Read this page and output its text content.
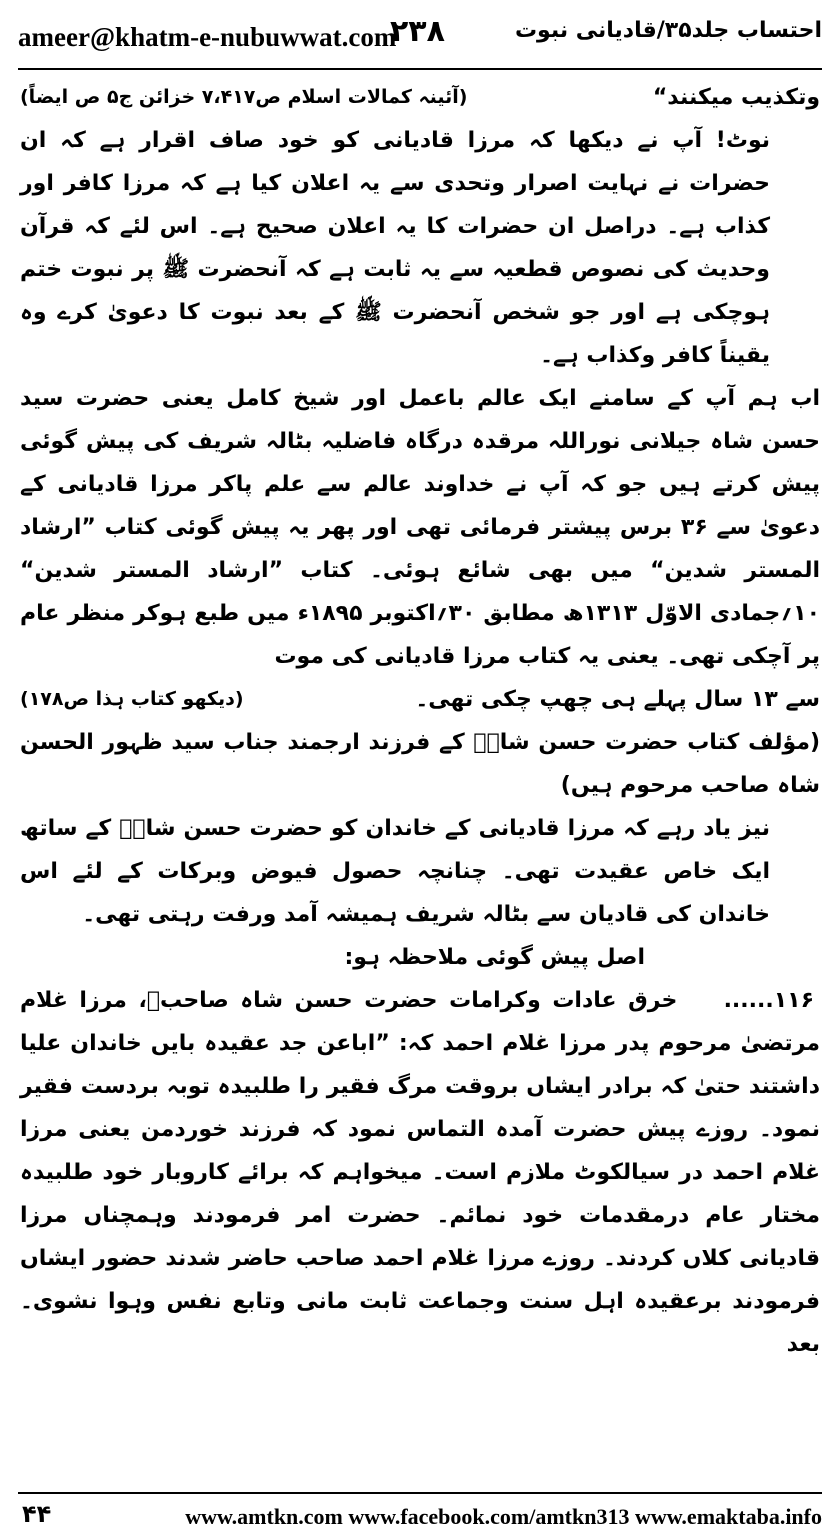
ameer@khatm-e-nubuwwat.com
۲۳۸	احتساب جلد۳۵/قادیانی نبوت
وتکذیب میکنند“
(آئینہ کمالات اسلام ص۷،۴۱۷ خزائن ج۵ ص ایضاً)

نوٹ! آپ نے دیکھا کہ مرزا قادیانی کو خود صاف اقرار ہے کہ ان حضرات نے نہایت اصرار وتحدی سے یہ اعلان کیا ہے کہ مرزا کافر اور کذاب ہے۔ دراصل ان حضرات کا یہ اعلان صحیح ہے۔ اس لئے کہ قرآن وحدیث کی نصوص قطعیہ سے یہ ثابت ہے کہ آنحضرت ﷺ پر نبوت ختم ہوچکی ہے اور جو شخص آنحضرت ﷺ کے بعد نبوت کا دعویٰ کرے وہ یقیناً کافر وکذاب ہے۔

اب ہم آپ کے سامنے ایک عالم باعمل اور شیخ کامل یعنی حضرت سید حسن شاہ جیلانی نوراللہ مرقدہ درگاہ فاضلیہ بٹالہ شریف کی پیش گوئی پیش کرتے ہیں جو کہ آپ نے خداوند عالم سے علم پاکر مرزا قادیانی کے دعویٰ سے ۳۶ برس پیشتر فرمائی تھی اور پھر یہ پیش گوئی کتاب ”ارشاد المستر شدین“ میں بھی شائع ہوئی۔ کتاب ”ارشاد المستر شدین“ ۱۰؍جمادی الاوّل ۱۳۱۳ھ مطابق ۳۰؍اکتوبر ۱۸۹۵ء میں طبع ہوکر منظر عام پر آچکی تھی۔ یعنی یہ کتاب مرزا قادیانی کی موت

سے ۱۳ سال پہلے ہی چھپ چکی تھی۔
(دیکھو کتاب ہذا ص۱۷۸)

(مؤلف کتاب حضرت حسن شاہؒ کے فرزند ارجمند جناب سید ظہور الحسن شاہ صاحب مرحوم ہیں)

نیز یاد رہے کہ مرزا قادیانی کے خاندان کو حضرت حسن شاہؒ کے ساتھ ایک خاص عقیدت تھی۔ چنانچہ حصول فیوض وبرکات کے لئے اس خاندان کی قادیان سے بٹالہ شریف ہمیشہ آمد ورفت رہتی تھی۔

اصل پیش گوئی ملاحظہ ہو:

۱۱۶......    خرق عادات وکرامات حضرت حسن شاہ صاحبؒ، مرزا غلام مرتضیٰ مرحوم پدر مرزا غلام احمد کہ: ”اباعن جد عقیدہ بایں خاندان علیا داشتند حتیٰ کہ برادر ایشاں بروقت مرگ فقیر را طلبیدہ توبہ بردست فقیر نمود۔ روزے پیش حضرت آمدہ التماس نمود کہ فرزند خوردمن یعنی مرزا غلام احمد در سیالکوٹ ملازم است۔ میخواہم کہ برائے کاروبار خود طلبیدہ مختار عام درمقدمات خود نمائم۔ حضرت امر فرمودند وہمچناں مرزا قادیانی کلاں کردند۔ روزے مرزا غلام احمد صاحب حاضر شدند حضور ایشاں فرمودند برعقیدہ اہل سنت وجماعت ثابت مانی وتابع نفس وہوا نشوی۔ بعد

۴۴	www.amtkn.com www.facebook.com/amtkn313 www.emaktaba.info
